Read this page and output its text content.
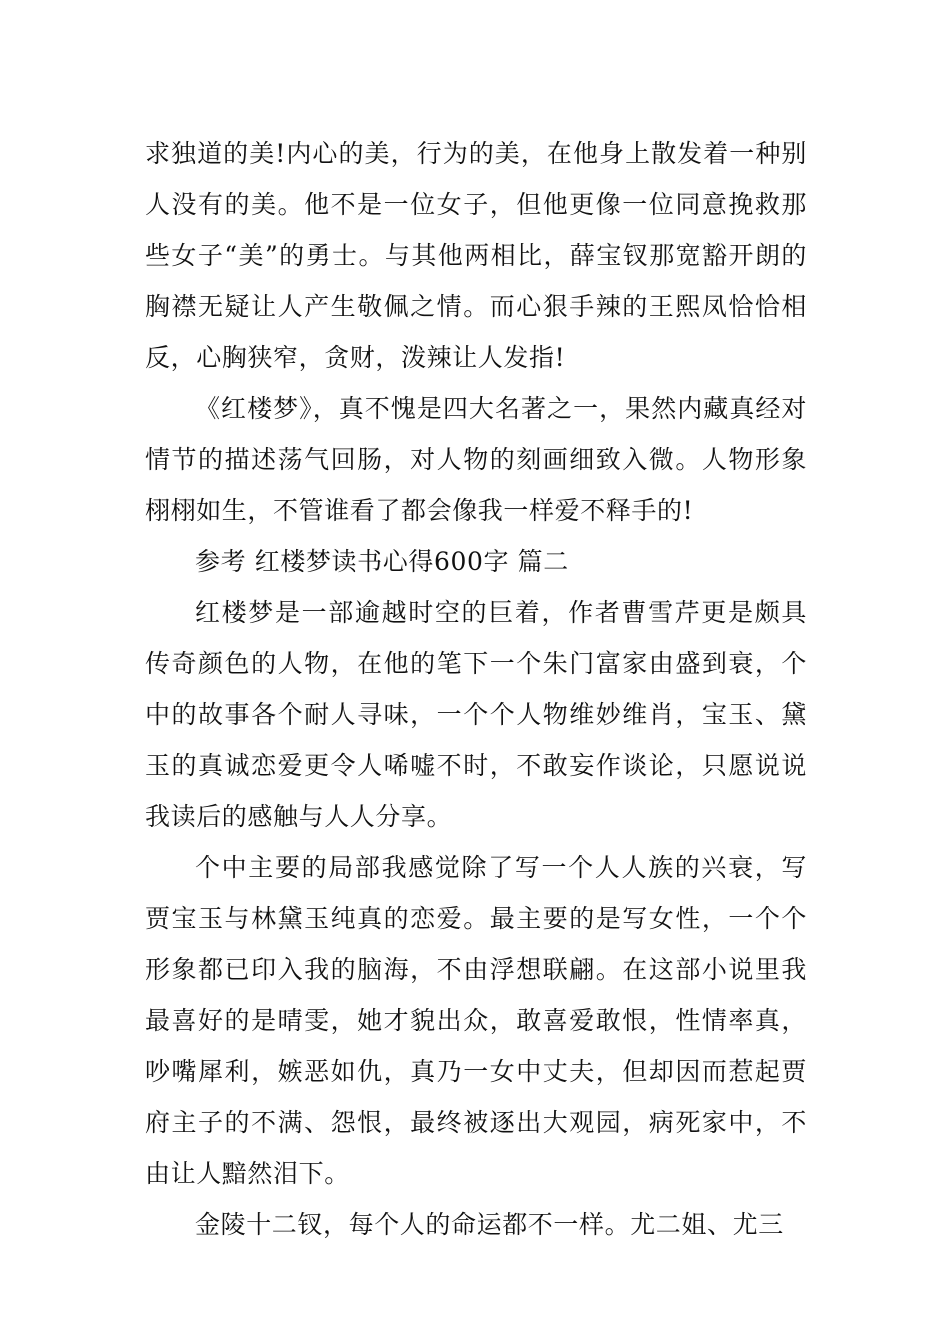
求独道的美!内心的美，行为的美，在他身上散发着一种别人没有的美。他不是一位女子，但他更像一位同意挽救那些女子“美”的勇士。与其他两相比，薛宝钗那宽豁开朗的胸襟无疑让人产生敬佩之情。而心狠手辣的王熙凤恰恰相反，心胸狭窄，贪财，泼辣让人发指!

《红楼梦》，真不愧是四大名著之一，果然内藏真经对情节的描述荡气回肠，对人物的刻画细致入微。人物形象栩栩如生，不管谁看了都会像我一样爱不释手的!

参考 红楼梦读书心得600字 篇二

红楼梦是一部逾越时空的巨着，作者曹雪芹更是颇具传奇颜色的人物，在他的笔下一个朱门富家由盛到衰，个中的故事各个耐人寻味，一个个人物维妙维肖，宝玉、黛玉的真诚恋爱更令人唏嘘不时，不敢妄作谈论，只愿说说我读后的感触与人人分享。

个中主要的局部我感觉除了写一个人人族的兴衰，写贾宝玉与林黛玉纯真的恋爱。最主要的是写女性，一个个形象都已印入我的脑海，不由浮想联翩。在这部小说里我最喜好的是晴雯，她才貌出众，敢喜爱敢恨，性情率真，吵嘴犀利，嫉恶如仇，真乃一女中丈夫，但却因而惹起贾府主子的不满、怨恨，最终被逐出大观园，病死家中，不由让人黯然泪下。

金陵十二钗，每个人的命运都不一样。尤二姐、尤三
